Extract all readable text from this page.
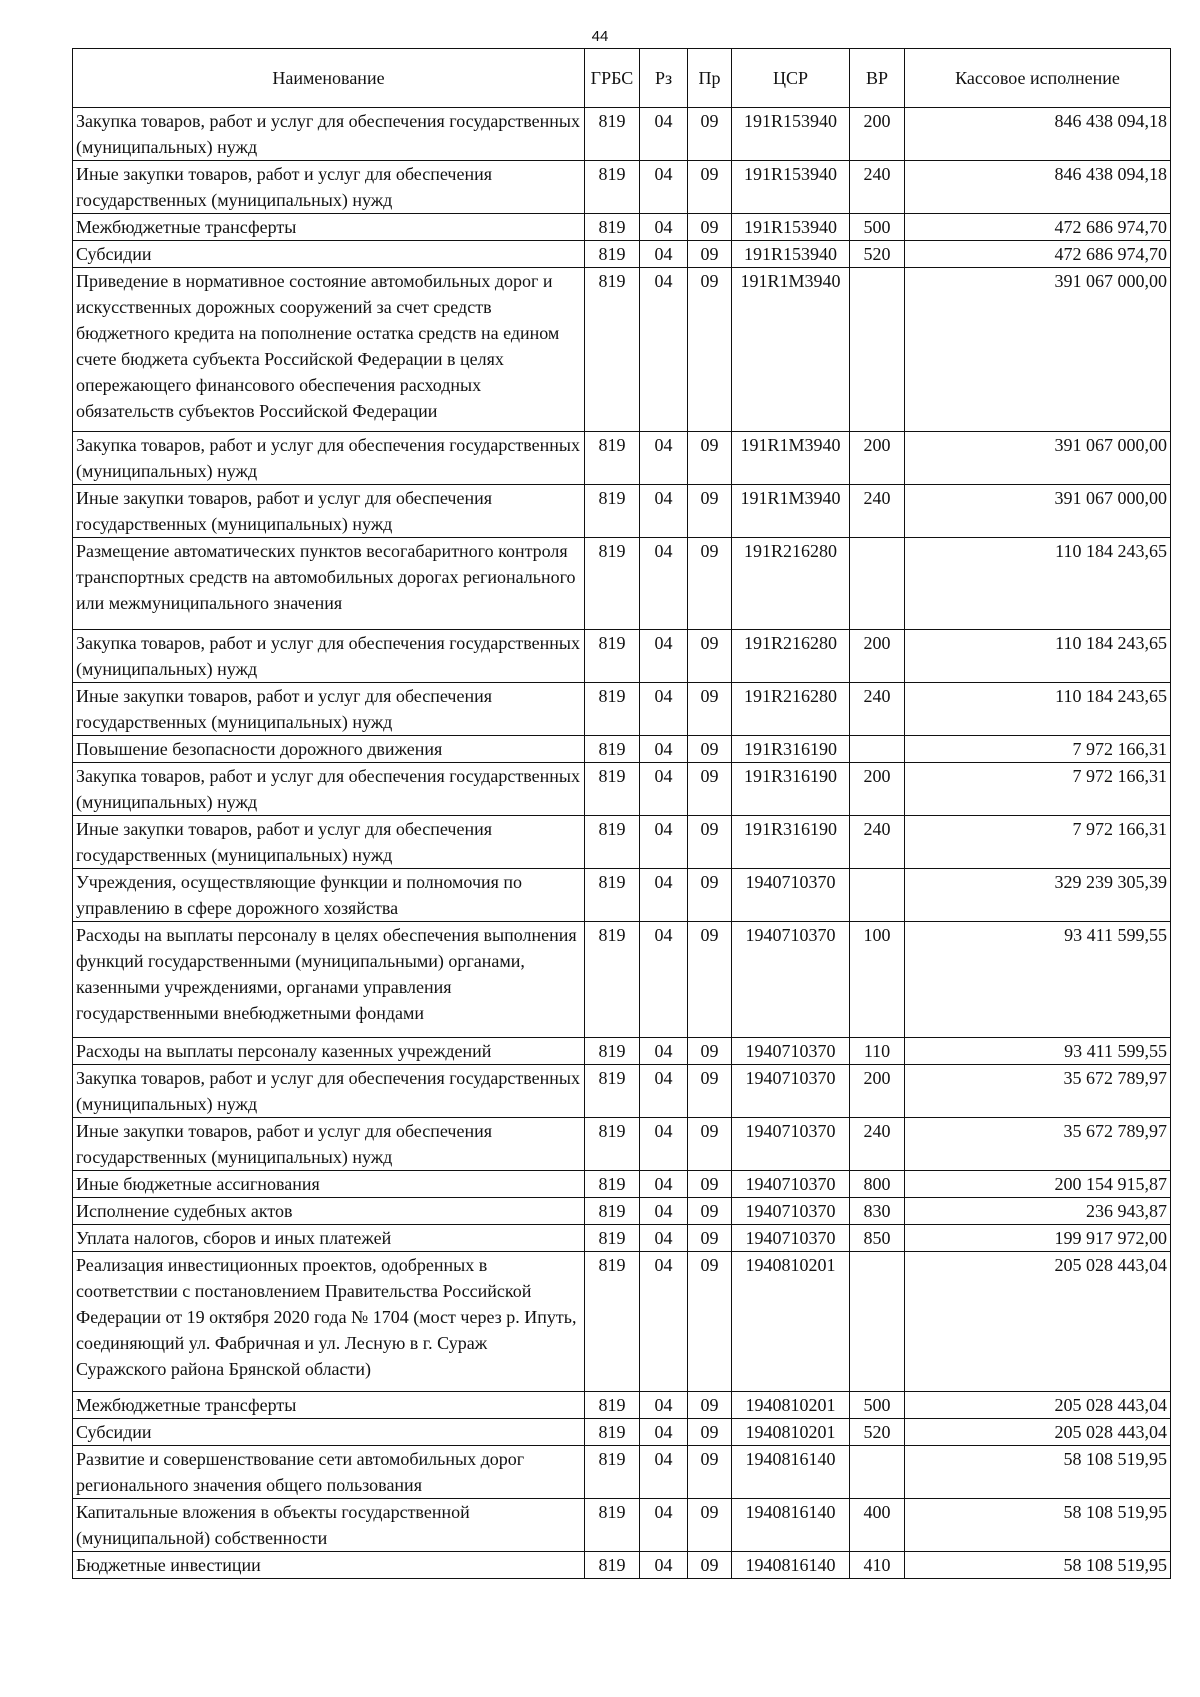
44
Наименование	ГРБС	Рз	Пр	ЦСР	ВР	Кассовое исполнение
Закупка товаров, работ и услуг для обеспечения государственных (муниципальных) нужд	819	04	09	191R153940	200	846 438 094,18
Иные закупки товаров, работ и услуг для обеспечения государственных (муниципальных) нужд	819	04	09	191R153940	240	846 438 094,18
Межбюджетные трансферты	819	04	09	191R153940	500	472 686 974,70
Субсидии	819	04	09	191R153940	520	472 686 974,70
Приведение в нормативное состояние автомобильных дорог и искусственных дорожных сооружений за счет средств бюджетного кредита на пополнение остатка средств на едином счете бюджета субъекта Российской Федерации в целях опережающего финансового обеспечения расходных обязательств субъектов Российской Федерации	819	04	09	191R1M3940		391 067 000,00
Закупка товаров, работ и услуг для обеспечения государственных (муниципальных) нужд	819	04	09	191R1M3940	200	391 067 000,00
Иные закупки товаров, работ и услуг для обеспечения государственных (муниципальных) нужд	819	04	09	191R1M3940	240	391 067 000,00
Размещение автоматических пунктов весогабаритного контроля транспортных средств на автомобильных дорогах регионального или межмуниципального значения	819	04	09	191R216280		110 184 243,65
Закупка товаров, работ и услуг для обеспечения государственных (муниципальных) нужд	819	04	09	191R216280	200	110 184 243,65
Иные закупки товаров, работ и услуг для обеспечения государственных (муниципальных) нужд	819	04	09	191R216280	240	110 184 243,65
Повышение безопасности дорожного движения	819	04	09	191R316190		7 972 166,31
Закупка товаров, работ и услуг для обеспечения государственных (муниципальных) нужд	819	04	09	191R316190	200	7 972 166,31
Иные закупки товаров, работ и услуг для обеспечения государственных (муниципальных) нужд	819	04	09	191R316190	240	7 972 166,31
Учреждения, осуществляющие функции и полномочия по управлению в сфере дорожного хозяйства	819	04	09	1940710370		329 239 305,39
Расходы на выплаты персоналу в целях обеспечения выполнения функций государственными (муниципальными) органами, казенными учреждениями, органами управления государственными внебюджетными фондами	819	04	09	1940710370	100	93 411 599,55
Расходы на выплаты персоналу казенных учреждений	819	04	09	1940710370	110	93 411 599,55
Закупка товаров, работ и услуг для обеспечения государственных (муниципальных) нужд	819	04	09	1940710370	200	35 672 789,97
Иные закупки товаров, работ и услуг для обеспечения государственных (муниципальных) нужд	819	04	09	1940710370	240	35 672 789,97
Иные бюджетные ассигнования	819	04	09	1940710370	800	200 154 915,87
Исполнение судебных актов	819	04	09	1940710370	830	236 943,87
Уплата налогов, сборов и иных платежей	819	04	09	1940710370	850	199 917 972,00
Реализация инвестиционных проектов, одобренных в соответствии с постановлением Правительства Российской Федерации от 19 октября 2020 года № 1704 (мост через р. Ипуть, соединяющий ул. Фабричная и ул. Лесную в г. Сураж Суражского района Брянской области)	819	04	09	1940810201		205 028 443,04
Межбюджетные трансферты	819	04	09	1940810201	500	205 028 443,04
Субсидии	819	04	09	1940810201	520	205 028 443,04
Развитие и совершенствование сети автомобильных дорог регионального значения общего пользования	819	04	09	1940816140		58 108 519,95
Капитальные вложения в объекты государственной (муниципальной) собственности	819	04	09	1940816140	400	58 108 519,95
Бюджетные инвестиции	819	04	09	1940816140	410	58 108 519,95
